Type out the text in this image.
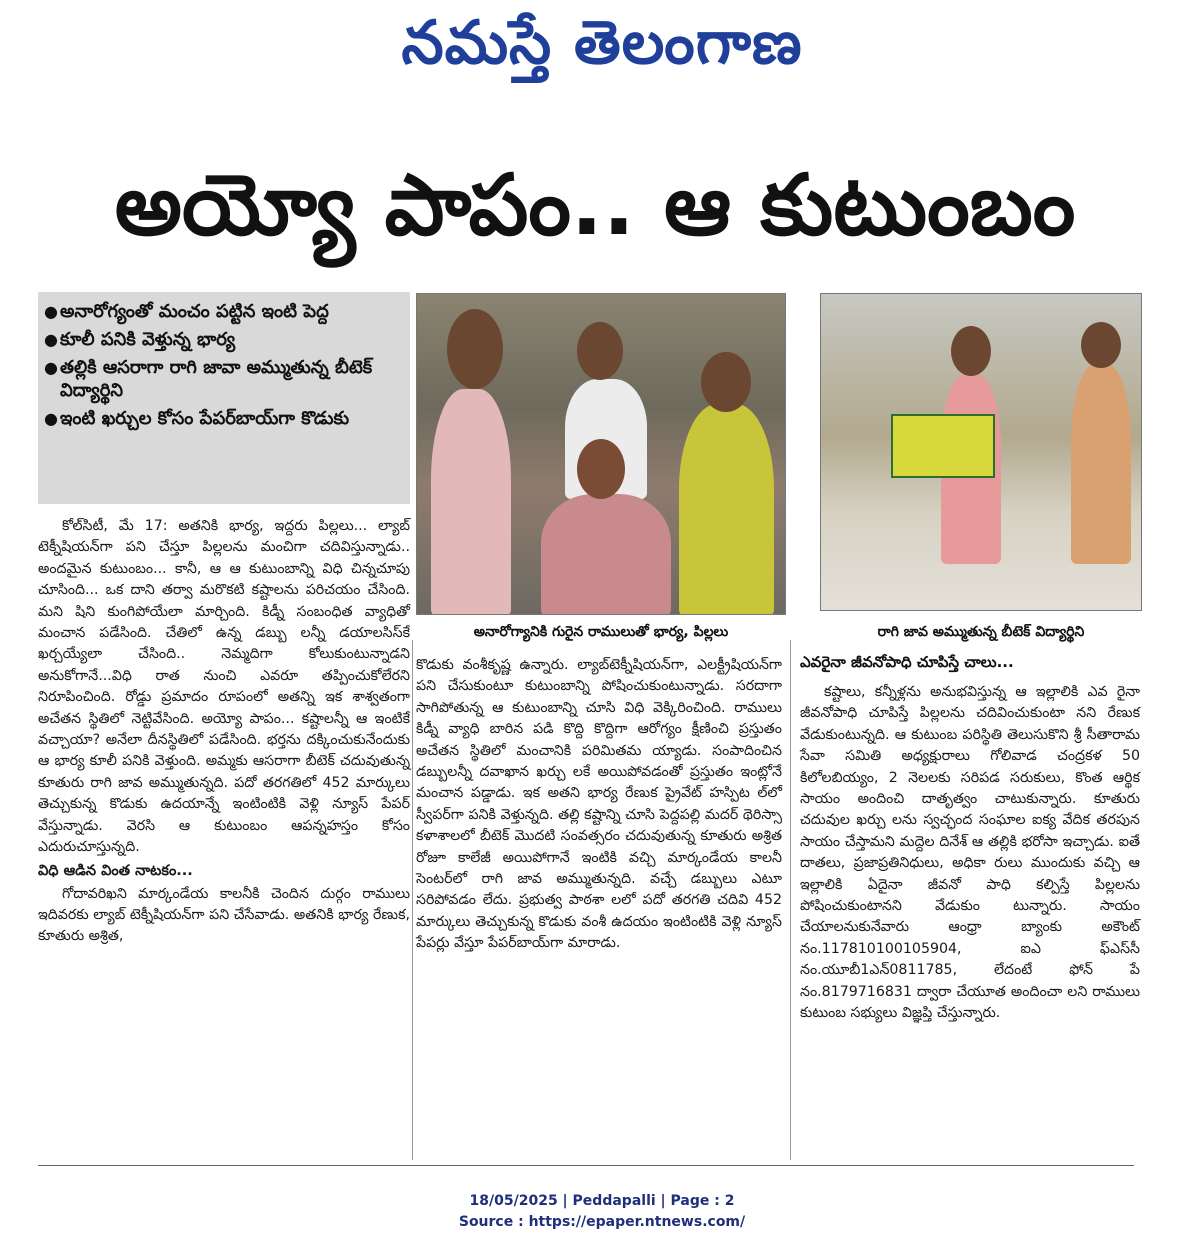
నమస్తే తెలంగాణ
అయ్యో పాపం.. ఆ కుటుంబం
● అనారోగ్యంతో మంచం పట్టిన ఇంటి పెద్ద
● కూలీ పనికి వెళ్తున్న భార్య
● తల్లికి ఆసరాగా రాగి జావా అమ్ముతున్న బీటెక్ విద్యార్థిని
● ఇంటి ఖర్చుల కోసం పేపర్‌బాయ్‌గా కొడుకు
అనారోగ్యానికి గురైన రాములుతో భార్య, పిల్లలు	రాగి జావ అమ్ముతున్న బీటెక్ విద్యార్థిని

కోల్‌సిటీ, మే 17: అతనికి భార్య, ఇద్దరు పిల్లలు... ల్యాబ్ టెక్నీషియన్‌గా పని చేస్తూ పిల్లలను మంచిగా చదివిస్తున్నాడు.. అందమైన కుటుంబం... కానీ, ఆ ఆ కుటుంబాన్ని విధి చిన్నచూపు చూసింది... ఒక దాని తర్వా మరొకటి కష్టాలను పరిచయం చేసింది. మని షిని కుంగిపోయేలా మార్చింది. కిడ్నీ సంబంధిత వ్యాధితో మంచాన పడేసింది. చేతిలో ఉన్న డబ్బు లన్నీ డయాలసిస్‌కే ఖర్చయ్యేలా చేసింది.. నెమ్మదిగా కోలుకుంటున్నాడని అనుకోగానే...విధి రాత నుంచి ఎవరూ తప్పించుకోలేరని నిరూపించింది. రోడ్డు ప్రమాదం రూపంలో అతన్ని ఇక శాశ్వతంగా అచేతన స్థితిలో నెట్టివేసింది. అయ్యో పాపం... కష్టాలన్నీ ఆ ఇంటికే వచ్చాయా? అనేలా దీనస్థితిలో పడేసింది. భర్తను దక్కించుకునేందుకు ఆ భార్య కూలీ పనికి వెళ్తుంది. అమ్మకు ఆసరాగా బీటెక్ చదువుతున్న కూతురు రాగి జావ అమ్ముతున్నది. పదో తరగతిలో 452 మార్కులు తెచ్చుకున్న కొడుకు ఉదయాన్నే ఇంటింటికి వెళ్లి న్యూస్ పేపర్ వేస్తున్నాడు. వెరసి ఆ కుటుంబం ఆపన్నహస్తం కోసం ఎదురుచూస్తున్నది.

విధి ఆడిన వింత నాటకం...

గోదావరిఖని మార్కండేయ కాలనీకి చెందిన దుర్గం రాములు ఇదివరకు ల్యాబ్ టెక్నీషియన్‌గా పని చేసేవాడు. అతనికి భార్య రేణుక, కూతురు అశ్రిత,

కొడుకు వంశీకృష్ణ ఉన్నారు. ల్యాబ్‌టెక్నీషియన్‌గా, ఎలక్ట్రీషియన్‌గా పని చేసుకుంటూ కుటుంబాన్ని పోషించుకుంటున్నాడు. సరదాగా సాగిపోతున్న ఆ కుటుంబాన్ని చూసి విధి వెక్కిరించింది. రాములు కిడ్నీ వ్యాధి బారిన పడి కొద్ది కొద్దిగా ఆరోగ్యం క్షీణించి ప్రస్తుతం అచేతన స్థితిలో మంచానికి పరిమితమ య్యాడు. సంపాదించిన డబ్బులన్నీ దవాఖాన ఖర్చు లకే అయిపోవడంతో ప్రస్తుతం ఇంట్లోనే మంచాన పడ్డాడు. ఇక అతని భార్య రేణుక ప్రైవేట్ హస్పిట ల్‌లో స్వీపర్‌గా పనికి వెళ్తున్నది. తల్లి కష్టాన్ని చూసి పెద్దపల్లి మదర్ థెరిస్సా కళాశాలలో బీటెక్ మొదటి సంవత్సరం చదువుతున్న కూతురు అశ్రిత రోజూ కాలేజీ అయిపోగానే ఇంటికి వచ్చి మార్కండేయ కాలనీ సెంటర్‌లో రాగి జావ అమ్ముతున్నది. వచ్చే డబ్బులు ఎటూ సరిపోవడం లేదు. ప్రభుత్వ పాఠశా లలో పదో తరగతి చదివి 452 మార్కులు తెచ్చుకున్న కొడుకు వంశీ ఉదయం ఇంటింటికి వెళ్లి న్యూస్ పేపర్లు వేస్తూ పేపర్‌బాయ్‌గా మారాడు.

ఎవరైనా జీవనోపాధి చూపిస్తే చాలు...

కష్టాలు, కన్నీళ్లను అనుభవిస్తున్న ఆ ఇల్లాలికి ఎవ రైనా జీవనోపాధి చూపిస్తే పిల్లలను చదివించుకుంటా నని రేణుక వేడుకుంటున్నది. ఆ కుటుంబ పరిస్థితి తెలుసుకొని శ్రీ సీతారామ సేవా సమితి అధ్యక్షురాలు గోలివాడ చంద్రకళ 50 కిలోలబియ్యం, 2 నెలలకు సరిపడ సరుకులు, కొంత ఆర్థిక సాయం అందించి దాతృత్వం చాటుకున్నారు. కూతురు చదువుల ఖర్చు లను స్వచ్ఛంద సంఘాల ఐక్య వేదిక తరపున సాయం చేస్తామని మద్దెల దినేశ్ ఆ తల్లికి భరోసా ఇచ్చాడు. ఐతే దాతలు, ప్రజాప్రతినిధులు, అధికా రులు ముందుకు వచ్చి ఆ ఇల్లాలికి ఏదైనా జీవనో పాధి కల్పిస్తే పిల్లలను పోషించుకుంటానని వేడుకుం టున్నారు. సాయం చేయాలనుకునేవారు ఆంధ్రా బ్యాంకు అకౌంట్ నం.117810100105904, ఐఎ ఫ్ఎస్‌సీ నం.యూబీ1ఎన్0811785, లేదంటే ఫోన్ పే నం.8179716831 ద్వారా చేయూత అందించా లని రాములు కుటుంబ సభ్యులు విజ్ఞప్తి చేస్తున్నారు.

18/05/2025 | Peddapalli | Page : 2
Source : https://epaper.ntnews.com/
